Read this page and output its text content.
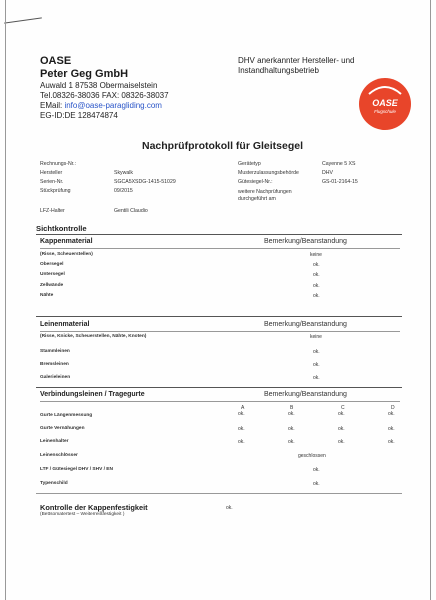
OASE
Peter Geg GmbH
Auwald 1 87538 Obermaiselstein
Tel.08326-38036 FAX: 08326-38037
EMail: info@oase-paragliding.com
EG-ID:DE 128474874
DHV anerkannter Hersteller- und
Instandhaltungsbetrieb
OASE
Flugschule
Nachprüfprotokoll für Gleitsegel
Rechnungs-Nr.:
Hersteller	Skywalk
Serien-Nr.	SGCA5XSDG-1415-51029
Stückprüfung	09/2015
LFZ-Halter	Gentili Claudio
Gerätetyp	Cayenne 5 XS
Musterzulassungsbehörde	DHV
Gütesiegel-Nr.:	GS-01-2164-15
weitere Nachprüfungen
durchgeführt am
Sichtkontrolle
Kappenmaterial	Bemerkung/Beanstandung
(Risse, Scheuerstellen)	keine
Obersegel	ok.
Untersegel	ok.
Zellwände	ok.
Nähte	ok.
Leinenmaterial	Bemerkung/Beanstandung
(Risse, Knicke, Scheuerstellen, Nähte, Knoten)	keine
Stammleinen	ok.
Bremsleinen	ok.
Galerieleinen	ok.
Verbindungsleinen / Tragegurte	Bemerkung/Beanstandung
A	B	C	D
Gurte Längenmessung	ok.	ok.	ok.	ok.
Gurte Vernähungen	ok.	ok.	ok.	ok.
Leinenhalter	ok.	ok.	ok.	ok.
Leinenschlösser	geschlossen
LTF / Gütesiegel DHV / SHV / EN	ok.
Typenschild	ok.
Kontrolle der Kappenfestigkeit
(Bettsomatertest – Weiterreißfestigkeit )
ok.
